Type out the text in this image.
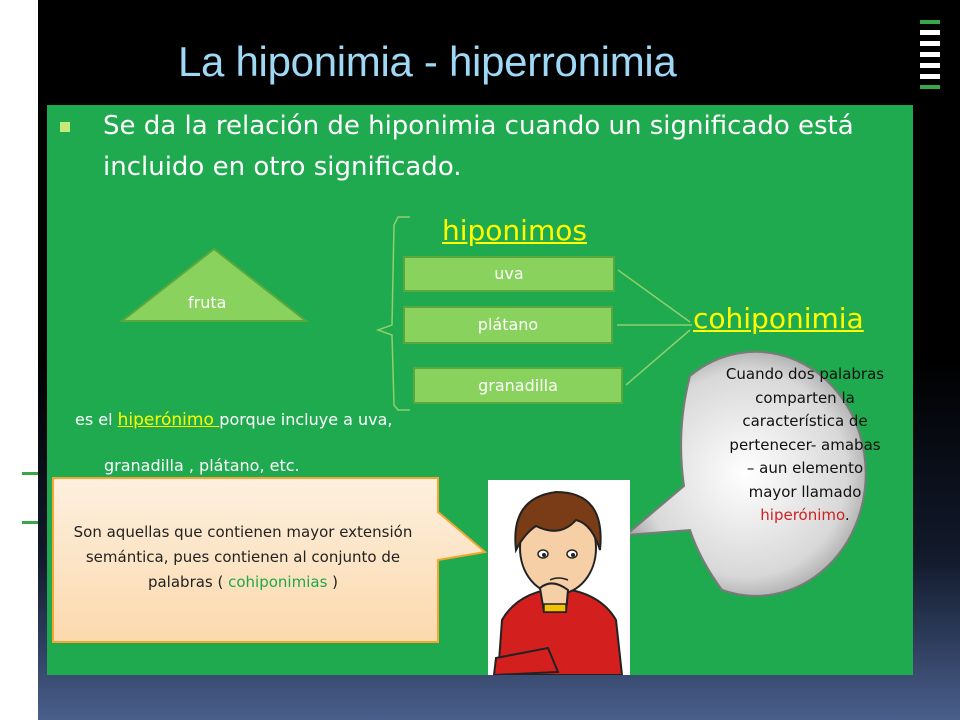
La hiponimia - hiperronimia
Se da la relación de hiponimia cuando un significado está incluido en otro significado.
hiponimos
cohiponimia
fruta
uva
plátano
granadilla
es el hiperónimo porque incluye a uva,
granadilla , plátano, etc.
Son aquellas que contienen mayor extensión semántica, pues contienen al conjunto de palabras ( cohiponimias )
Cuando dos palabras comparten la característica de pertenecer- amabas – aun elemento mayor llamado hiperónimo.
